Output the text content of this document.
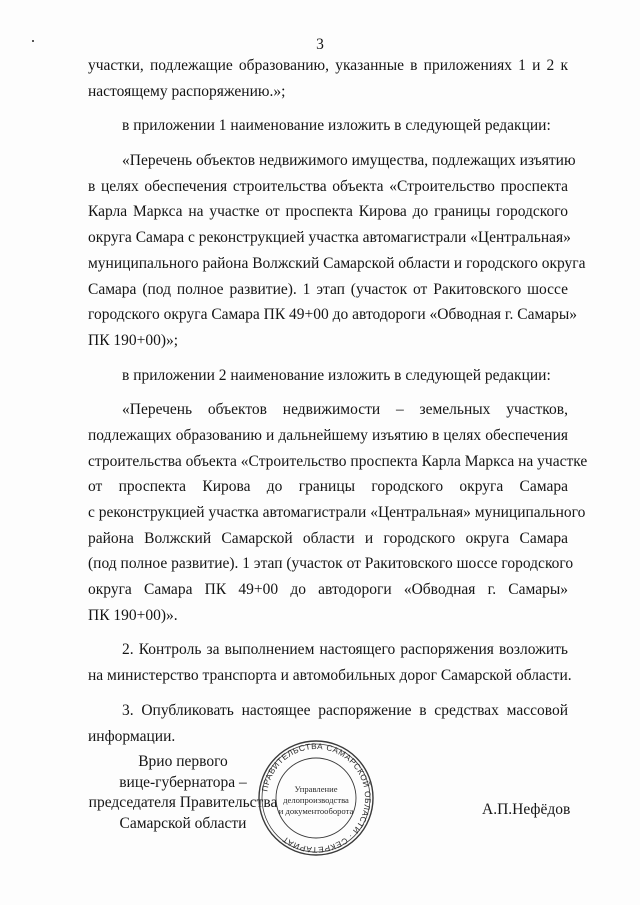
3
участки, подлежащие образованию, указанные в приложениях 1 и 2 к
настоящему распоряжению.»;
в приложении 1 наименование изложить в следующей редакции:
«Перечень объектов недвижимого имущества, подлежащих изъятию
в целях обеспечения строительства объекта «Строительство проспекта
Карла Маркса на участке от проспекта Кирова до границы городского
округа Самара с реконструкцией участка автомагистрали «Центральная»
муниципального района Волжский Самарской области и городского округа
Самара (под полное развитие). 1 этап (участок от Ракитовского шоссе
городского округа Самара ПК 49+00 до автодороги «Обводная г. Самары»
ПК 190+00)»;
в приложении 2 наименование изложить в следующей редакции:
«Перечень объектов недвижимости – земельных участков,
подлежащих образованию и дальнейшему изъятию в целях обеспечения
строительства объекта «Строительство проспекта Карла Маркса на участке
от проспекта Кирова до границы городского округа Самара
с реконструкцией участка автомагистрали «Центральная» муниципального
района Волжский Самарской области и городского округа Самара
(под полное развитие). 1 этап (участок от Ракитовского шоссе городского
округа Самара ПК 49+00 до автодороги «Обводная г. Самары»
ПК 190+00)».
2. Контроль за выполнением настоящего распоряжения возложить
на министерство транспорта и автомобильных дорог Самарской области.
3. Опубликовать настоящее распоряжение в средствах массовой
информации.
Врио первого
вице-губернатора –
председателя Правительства
Самарской области
ПРАВИТЕЛЬСТВА САМАРСКОЙ ОБЛАСТИ · СЕКРЕТАРИАТ
Управление
делопроизводства
и документооборота	А.П.Нефёдов
